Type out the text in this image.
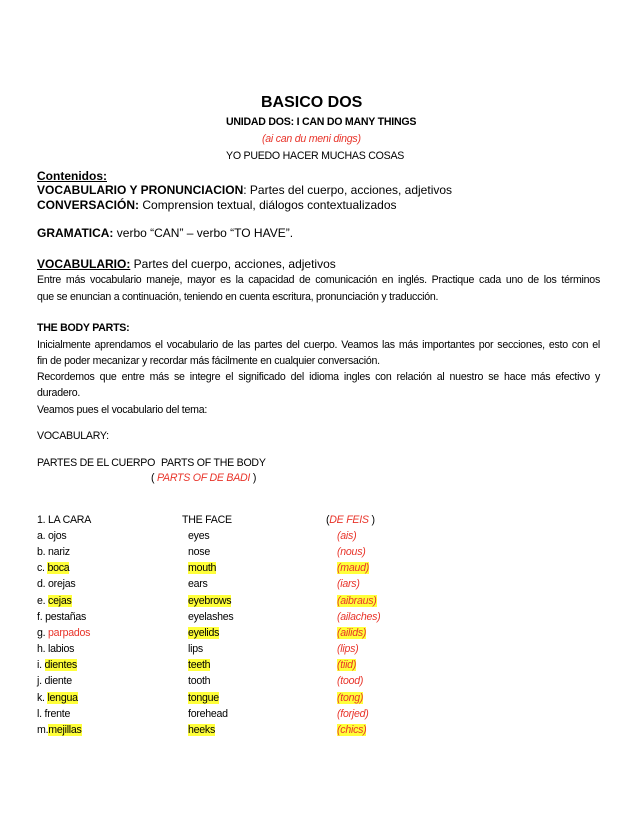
BASICO DOS
UNIDAD DOS: I CAN DO MANY THINGS
(ai can du meni dings)
YO PUEDO HACER MUCHAS COSAS
Contenidos:
VOCABULARIO Y PRONUNCIACION: Partes del cuerpo, acciones, adjetivos
CONVERSACIÓN: Comprension textual, diálogos contextualizados
GRAMATICA: verbo “CAN” – verbo “TO HAVE”.
VOCABULARIO: Partes del cuerpo, acciones, adjetivos
Entre más vocabulario maneje, mayor es la capacidad de comunicación en inglés. Practique cada uno de los términos
que se enuncian a continuación, teniendo en cuenta escritura, pronunciación y traducción.
THE BODY PARTS:
Inicialmente aprendamos el vocabulario de las partes del cuerpo. Veamos las más importantes por secciones, esto con el
fin de poder mecanizar y recordar más fácilmente en cualquier conversación.
Recordemos que entre más se integre el significado del idioma ingles con relación al nuestro se hace más efectivo y
duradero.
Veamos pues el vocabulario del tema:
VOCABULARY:
PARTES DE EL CUERPO PARTS OF THE BODY
( PARTS OF DE BADI )
1. LA CARA	THE FACE	(DE FEIS )
a. ojos	eyes	(ais)
b. nariz	nose	(nous)
c. boca	mouth	(maud)
d. orejas	ears	(iars)
e. cejas	eyebrows	(aibraus)
f. pestañas	eyelashes	(ailaches)
g. parpados	eyelids	(ailids)
h. labios	lips	(lips)
i. dientes	teeth	(tiid)
j. diente	tooth	(tood)
k. lengua	tongue	(tong)
l. frente	forehead	(forjed)
m.mejillas	heeks	(chics)
